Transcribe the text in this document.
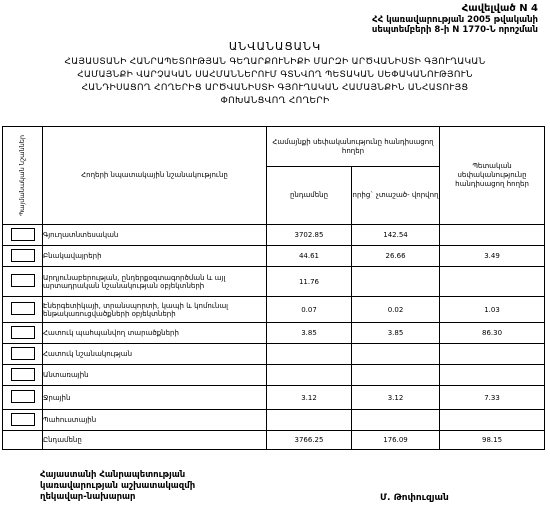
Հավելված N 4
ՀՀ կառավարության 2005 թվականի
սեպտեմբերի 8-ի N 1770-Ն որոշման
ԱՆՎԱՆԱՑԱՆԿ
ՀԱՅԱՍՏԱՆԻ ՀԱՆՐԱՊԵՏՈՒԹՅԱՆ ԳԵՂԱՐՔՈՒՆԻՔԻ ՄԱՐԶԻ ԱՐԾՎԱՆԻՍՏԻ ԳՅՈՒՂԱԿԱՆ
ՀԱՄԱՅՆՔԻ ՎԱՐՉԱԿԱՆ ՍԱՀՄԱՆՆԵՐՈՒՄ ԳՏՆՎՈՂ ՊԵՏԱԿԱՆ ՍԵՓԱԿԱՆՈՒԹՅՈՒՆ
ՀԱՆԴԻՍԱՑՈՂ ՀՈՂԵՐԻՑ ԱՐԾՎԱՆԻՍՏԻ ԳՅՈՒՂԱԿԱՆ ՀԱՄԱՅՆՔԻՆ ԱՆՀԱՏՈՒՅՑ
ՓՈԽԱՆՑՎՈՂ ՀՈՂԵՐԻ
Պայմանական նշաններ	Հողերի նպատակային նշանակությունը	Համայնքի սեփականությունը հանդիսացող հողեր		Պետական սեփականությունը հանդիսացող հողեր
		ընդամենը	որից` չտաշած- վորվող	
	Գյուղատնտեսական	3702.85	142.54	
	Բնակավայրերի	44.61	26.66	3.49
	Արդյունաբերության, ընդերքօգտագործման և այլ արտադրական նշանակության օբյեկտների	11.76		
	Էներգետիկայի, տրանսպորտի, կապի և կոմունալ ենթակառուցվածքների օբյեկտների	0.07	0.02	1.03
	Հատուկ պահպանվող տարածքների	3.85	3.85	86.30
	Հատուկ նշանակության			
	Անտառային			
	Ջրային	3.12	3.12	7.33
	Պահուստային			
	Ընդամենը	3766.25	176.09	98.15
Հայաստանի Հանրապետության
կառավարության աշխատակազմի
ղեկավար-նախարար	Մ. Թոփուզյան
